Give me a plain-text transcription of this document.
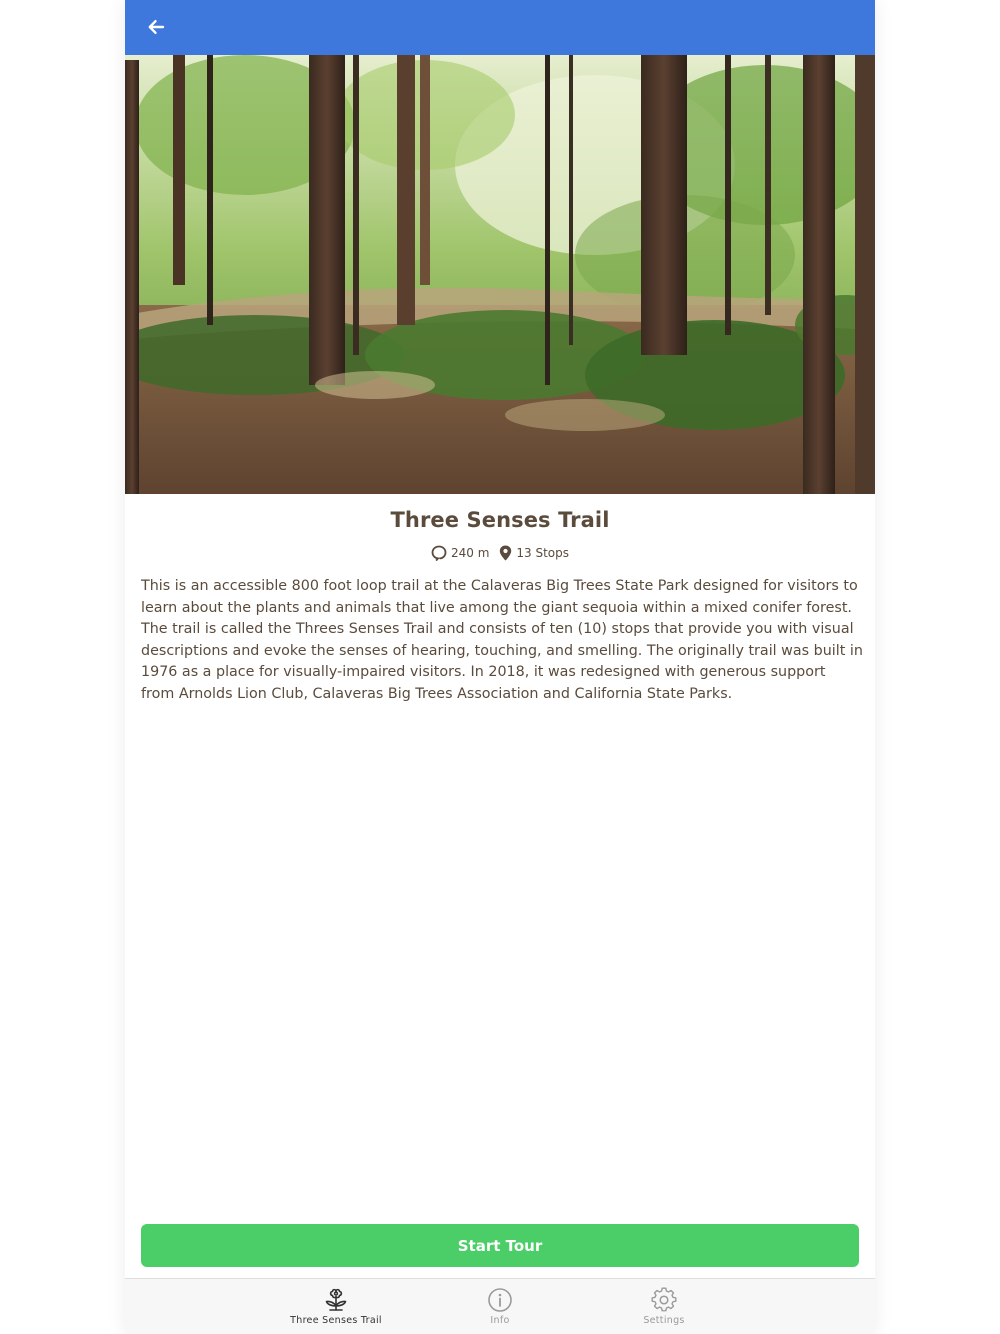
Three Senses Trail
240 m 13 Stops

This is an accessible 800 foot loop trail at the Calaveras Big Trees State Park designed for visitors to learn about the plants and animals that live among the giant sequoia within a mixed conifer forest. The trail is called the Threes Senses Trail and consists of ten (10) stops that provide you with visual descriptions and evoke the senses of hearing, touching, and smelling. The originally trail was built in 1976 as a place for visually-impaired visitors. In 2018, it was redesigned with generous support from Arnolds Lion Club, Calaveras Big Trees Association and California State Parks.

Start Tour
Three Senses Trail	Info	Settings
